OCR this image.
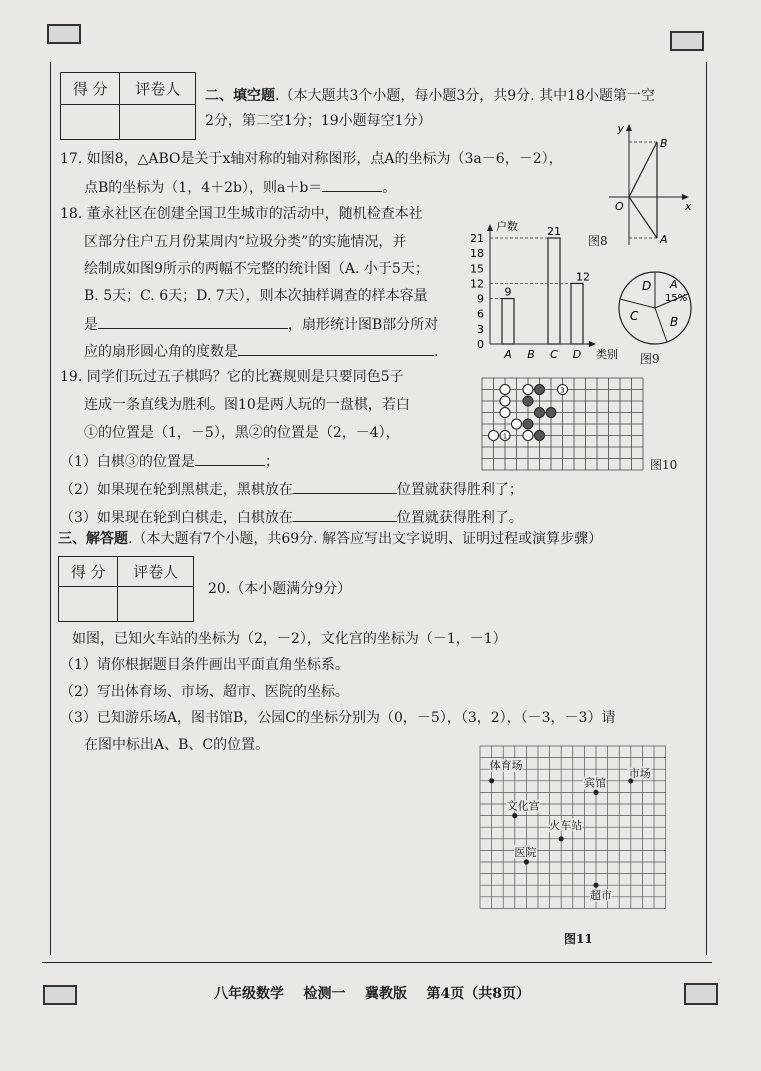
得 分	评卷人
	二、填空题.（本大题共3个小题，每小题3分，共9分. 其中18小题第一空
2分，第二空1分；19小题每空1分）
17. 如图8，△ABO是关于x轴对称的轴对称图形，点A的坐标为（3a－6，－2），
点B的坐标为（1，4＋2b），则a＋b＝	。
y
x
O
B
A
图8
18. 董永社区在创建全国卫生城市的活动中，随机检查本社
区部分住户五月份某周内“垃圾分类”的实施情况，并
绘制成如图9所示的两幅不完整的统计图（A. 小于5天；
B. 5天；C. 6天；D. 7天），则本次抽样调查的样本容量
是	，扇形统计图B部分所对
应的扇形圆心角的度数是	.
户数
类别
0
3
6
9
12
15
18
21
A
9
B C
21
D
12
D A
15%
C	B
图9
19. 同学们玩过五子棋吗？它的比赛规则是只要同色5子
连成一条直线为胜利。图10是两人玩的一盘棋，若白
①的位置是（1，－5），黑②的位置是（2，－4），
（1）白棋③的位置是	；
（2）如果现在轮到黑棋走，黑棋放在	位置就获得胜利了；
（3）如果现在轮到白棋走，白棋放在	位置就获得胜利了。
3
1
图10
三、解答题.（本大题有7个小题，共69分. 解答应写出文字说明、证明过程或演算步骤）
得 分	评卷人

20.（本小题满分9分）
如图，已知火车站的坐标为（2，－2），文化宫的坐标为（－1，－1）
（1）请你根据题目条件画出平面直角坐标系。
（2）写出体育场、市场、超市、医院的坐标。
（3）已知游乐场A，图书馆B，公园C的坐标分别为（0，－5），（3，2），（－3，－3）请
在图中标出A、B、C的位置。
体育场
市场
宾馆
文化宫
火车站
医院
超市
图11
八年级数学    检测一    冀教版    第4页（共8页）
